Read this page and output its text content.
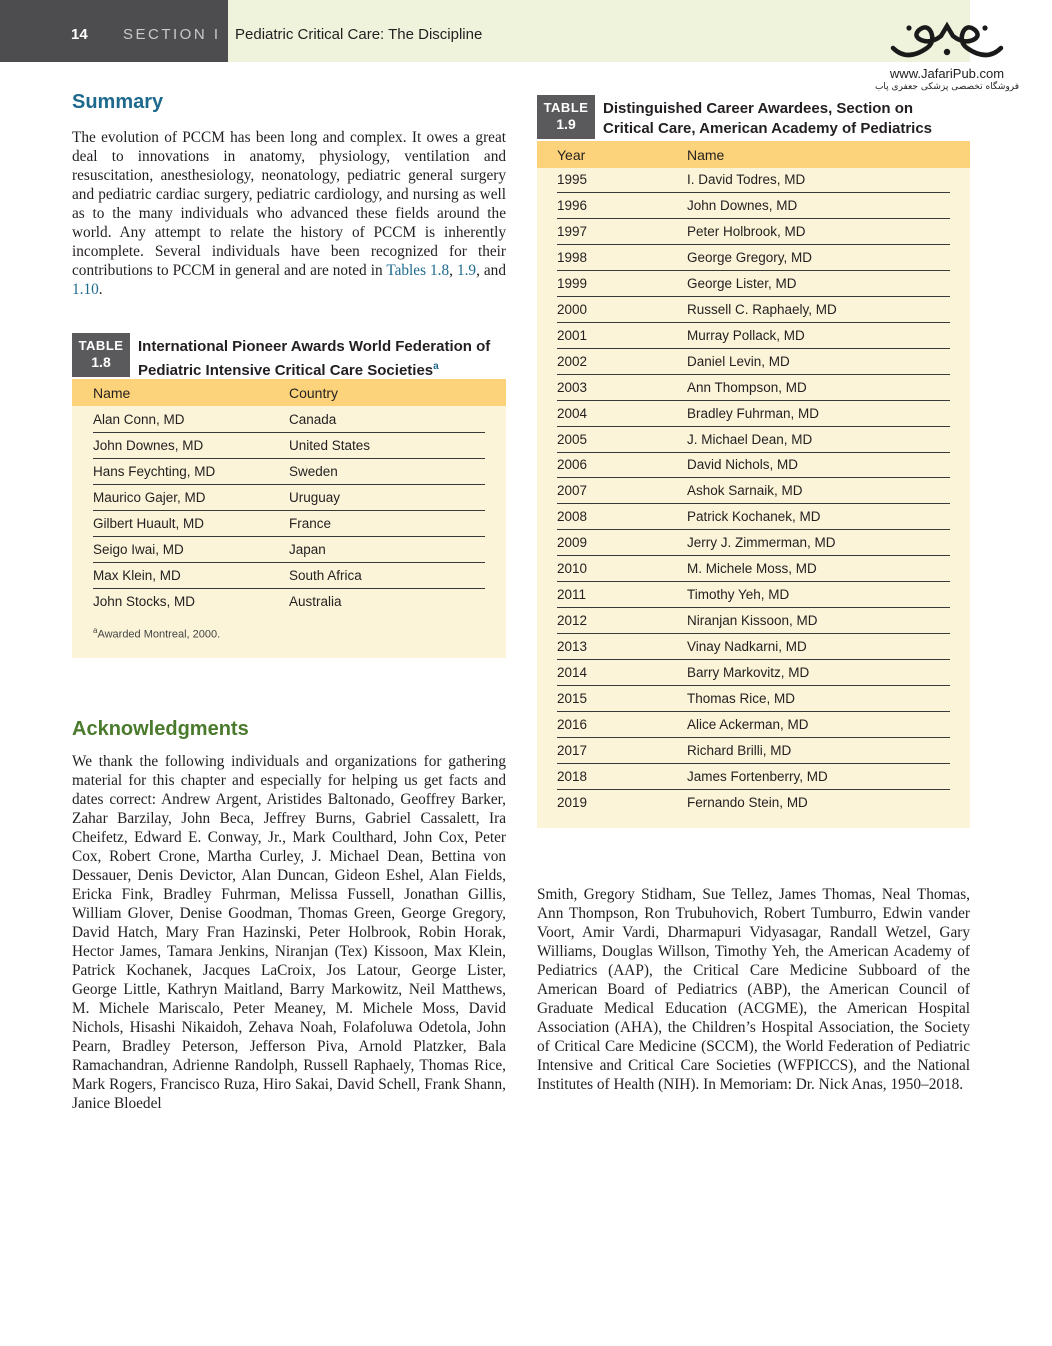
14 SECTION I Pediatric Critical Care: The Discipline
www.JafariPub.com
فروشگاه تخصصی پزشکی جعفری پاب
Summary

The evolution of PCCM has been long and complex. It owes a great deal to innovations in anatomy, physiology, ventilation and resuscitation, anesthesiology, neonatology, pediatric general surgery and pediatric cardiac surgery, pediatric cardiology, and nursing as well as to the many individuals who advanced these fields around the world. Any attempt to relate the history of PCCM is inherently incomplete. Several individuals have been recognized for their contributions to PCCM in general and are noted in Tables 1.8, 1.9, and 1.10.

TABLE
1.8
International Pioneer Awards World Federation of Pediatric Intensive Critical Care Societies$^a$
Name	Country
Alan Conn, MD	Canada
John Downes, MD	United States
Hans Feychting, MD	Sweden
Maurico Gajer, MD	Uruguay
Gilbert Huault, MD	France
Seigo Iwai, MD	Japan
Max Klein, MD	South Africa
John Stocks, MD	Australia
$^a$Awarded Montreal, 2000.
TABLE
1.9
Distinguished Career Awardees, Section on
Critical Care, American Academy of Pediatrics
Year	Name
1995	I. David Todres, MD
1996	John Downes, MD
1997	Peter Holbrook, MD
1998	George Gregory, MD
1999	George Lister, MD
2000	Russell C. Raphaely, MD
2001	Murray Pollack, MD
2002	Daniel Levin, MD
2003	Ann Thompson, MD
2004	Bradley Fuhrman, MD
2005	J. Michael Dean, MD
2006	David Nichols, MD
2007	Ashok Sarnaik, MD
2008	Patrick Kochanek, MD
2009	Jerry J. Zimmerman, MD
2010	M. Michele Moss, MD
2011	Timothy Yeh, MD
2012	Niranjan Kissoon, MD
2013	Vinay Nadkarni, MD
2014	Barry Markovitz, MD
2015	Thomas Rice, MD
2016	Alice Ackerman, MD
2017	Richard Brilli, MD
2018	James Fortenberry, MD
2019	Fernando Stein, MD
Acknowledgments

We thank the following individuals and organizations for gathering material for this chapter and especially for helping us get facts and dates correct: Andrew Argent, Aristides Baltonado, Geoffrey Barker, Zahar Barzilay, John Beca, Jeffrey Burns, Gabriel Cassalett, Ira Cheifetz, Edward E. Conway, Jr., Mark Coulthard, John Cox, Peter Cox, Robert Crone, Martha Curley, J. Michael Dean, Bettina von Dessauer, Denis Devictor, Alan Duncan, Gideon Eshel, Alan Fields, Ericka Fink, Bradley Fuhrman, Melissa Fussell, Jonathan Gillis, William Glover, Denise Goodman, Thomas Green, George Gregory, David Hatch, Mary Fran Hazinski, Peter Holbrook, Robin Horak, Hector James, Tamara Jenkins, Niranjan (Tex) Kissoon, Max Klein, Patrick Kochanek, Jacques LaCroix, Jos Latour, George Lister, George Little, Kathryn Maitland, Barry Markowitz, Neil Matthews, M. Michele Mariscalo, Peter Meaney, M. Michele Moss, David Nichols, Hisashi Nikaidoh, Zehava Noah, Folafoluwa Odetola, John Pearn, Bradley Peterson, Jefferson Piva, Arnold Platzker, Bala Ramachandran, Adrienne Randolph, Russell Raphaely, Thomas Rice, Mark Rogers, Francisco Ruza, Hiro Sakai, David Schell, Frank Shann, Janice Bloedel

Smith, Gregory Stidham, Sue Tellez, James Thomas, Neal Thomas, Ann Thompson, Ron Trubuhovich, Robert Tumburro, Edwin vander Voort, Amir Vardi, Dharmapuri Vidyasagar, Randall Wetzel, Gary Williams, Douglas Willson, Timothy Yeh, the American Academy of Pediatrics (AAP), the Critical Care Medicine Subboard of the American Board of Pediatrics (ABP), the American Council of Graduate Medical Education (ACGME), the American Hospital Association (AHA), the Children’s Hospital Association, the Society of Critical Care Medicine (SCCM), the World Federation of Pediatric Intensive and Critical Care Societies (WFPICCS), and the National Institutes of Health (NIH). In Memoriam: Dr. Nick Anas, 1950–2018.
